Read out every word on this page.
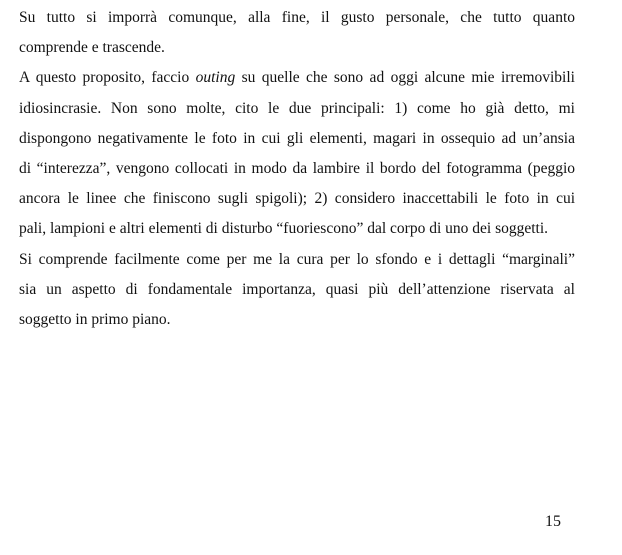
Su tutto si imporrà comunque, alla fine, il gusto personale, che tutto quanto
comprende e trascende.
A questo proposito, faccio outing su quelle che sono ad oggi alcune mie irremovibili
idiosincrasie. Non sono molte, cito le due principali: 1) come ho già detto, mi
dispongono negativamente le foto in cui gli elementi, magari in ossequio ad un’ansia
di “interezza”, vengono collocati in modo da lambire il bordo del fotogramma (peggio
ancora le linee che finiscono sugli spigoli); 2) considero inaccettabili le foto in cui
pali, lampioni e altri elementi di disturbo “fuoriescono” dal corpo di uno dei soggetti.
Si comprende facilmente come per me la cura per lo sfondo e i dettagli “marginali”
sia un aspetto di fondamentale importanza, quasi più dell’attenzione riservata al
soggetto in primo piano.
15
